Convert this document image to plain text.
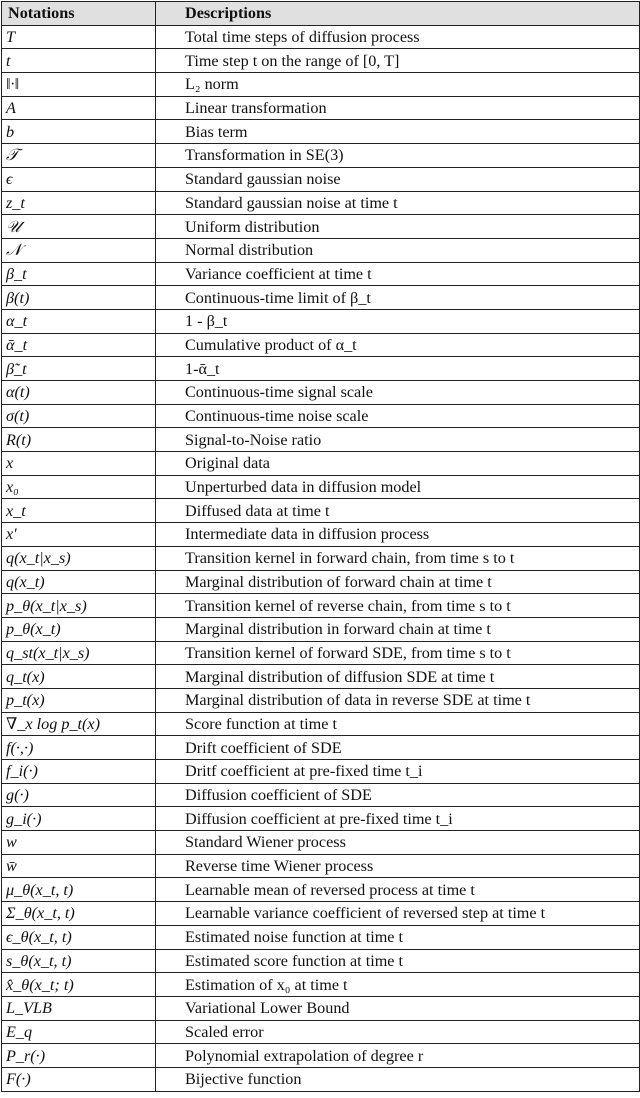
Notations	Descriptions
T	Total time steps of diffusion process
t	Time step t on the range of [0, T]
‖·‖	L₂ norm
A	Linear transformation
b	Bias term
𝒯	Transformation in SE(3)
ϵ	Standard gaussian noise
z_t	Standard gaussian noise at time t
𝒰	Uniform distribution
𝒩	Normal distribution
β_t	Variance coefficient at time t
β(t)	Continuous-time limit of β_t
α_t	1 - β_t
ᾱ_t	Cumulative product of α_t
β̃_t	1-ᾱ_t
α(t)	Continuous-time signal scale
σ(t)	Continuous-time noise scale
R(t)	Signal-to-Noise ratio
x	Original data
x₀	Unperturbed data in diffusion model
x_t	Diffused data at time t
x′	Intermediate data in diffusion process
q(x_t|x_s)	Transition kernel in forward chain, from time s to t
q(x_t)	Marginal distribution of forward chain at time t
p_θ(x_t|x_s)	Transition kernel of reverse chain, from time s to t
p_θ(x_t)	Marginal distribution in forward chain at time t
q_st(x_t|x_s)	Transition kernel of forward SDE, from time s to t
q_t(x)	Marginal distribution of diffusion SDE at time t
p_t(x)	Marginal distribution of data in reverse SDE at time t
∇_x log p_t(x)	Score function at time t
f(·,·)	Drift coefficient of SDE
f_i(·)	Dritf coefficient at pre-fixed time t_i
g(·)	Diffusion coefficient of SDE
g_i(·)	Diffusion coefficient at pre-fixed time t_i
w	Standard Wiener process
w̄	Reverse time Wiener process
μ_θ(x_t, t)	Learnable mean of reversed process at time t
Σ_θ(x_t, t)	Learnable variance coefficient of reversed step at time t
ϵ_θ(x_t, t)	Estimated noise function at time t
s_θ(x_t, t)	Estimated score function at time t
x̂_θ(x_t; t)	Estimation of x₀ at time t
L_VLB	Variational Lower Bound
E_q	Scaled error
P_r(·)	Polynomial extrapolation of degree r
F(·)	Bijective function
